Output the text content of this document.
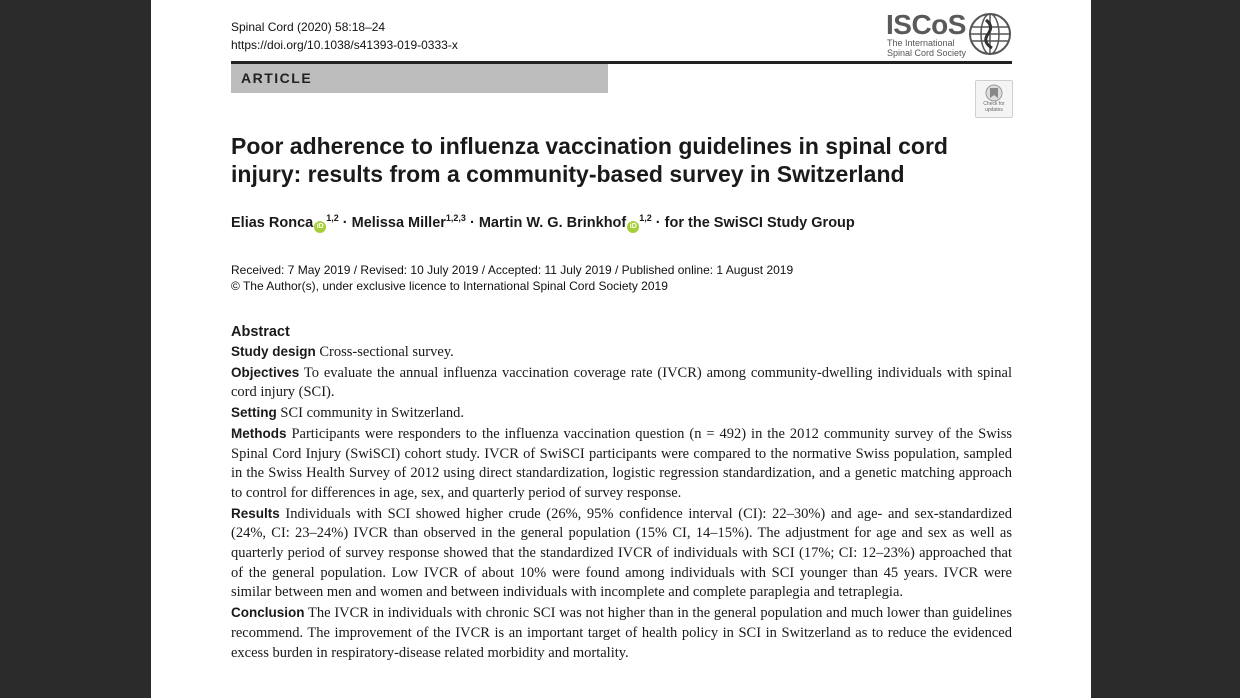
Spinal Cord (2020) 58:18–24
https://doi.org/10.1038/s41393-019-0333-x
ISCoS
The International
Spinal Cord Society
ARTICLE
Check for updates
Poor adherence to influenza vaccination guidelines in spinal cord injury: results from a community-based survey in Switzerland
Elias Ronca iD$^{1,2}$ · Melissa Miller$^{1,2,3}$ · Martin W. G. Brinkhof iD$^{1,2}$ · for the SwiSCI Study Group
Received: 7 May 2019 / Revised: 10 July 2019 / Accepted: 11 July 2019 / Published online: 1 August 2019
© The Author(s), under exclusive licence to International Spinal Cord Society 2019
Abstract

Study design Cross-sectional survey.

Objectives To evaluate the annual influenza vaccination coverage rate (IVCR) among community-dwelling individuals with spinal cord injury (SCI).

Setting SCI community in Switzerland.

Methods Participants were responders to the influenza vaccination question (n = 492) in the 2012 community survey of the Swiss Spinal Cord Injury (SwiSCI) cohort study. IVCR of SwiSCI participants were compared to the normative Swiss population, sampled in the Swiss Health Survey of 2012 using direct standardization, logistic regression standardization, and a genetic matching approach to control for differences in age, sex, and quarterly period of survey response.

Results Individuals with SCI showed higher crude (26%, 95% confidence interval (CI): 22–30%) and age- and sex-standardized (24%, CI: 23–24%) IVCR than observed in the general population (15% CI, 14–15%). The adjustment for age and sex as well as quarterly period of survey response showed that the standardized IVCR of individuals with SCI (17%; CI: 12–23%) approached that of the general population. Low IVCR of about 10% were found among individuals with SCI younger than 45 years. IVCR were similar between men and women and between individuals with incomplete and complete paraplegia and tetraplegia.

Conclusion The IVCR in individuals with chronic SCI was not higher than in the general population and much lower than guidelines recommend. The improvement of the IVCR is an important target of health policy in SCI in Switzerland as to reduce the evidenced excess burden in respiratory-disease related morbidity and mortality.
